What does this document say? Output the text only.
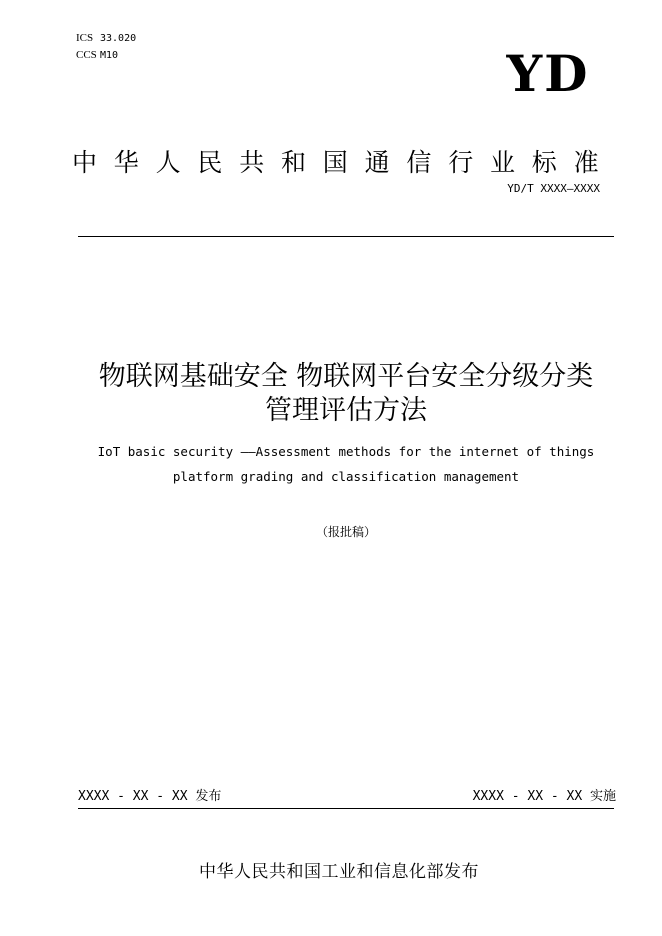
ICS 33.020
CCS M10	YD
中华人民共和国通信行业标准
YD/T XXXX—XXXX
物联网基础安全 物联网平台安全分级分类
管理评估方法
IoT basic security ——Assessment methods for the internet of things
platform grading and classification management
（报批稿）
XXXX - XX - XX 发布	XXXX - XX - XX 实施
中华人民共和国工业和信息化部发布
